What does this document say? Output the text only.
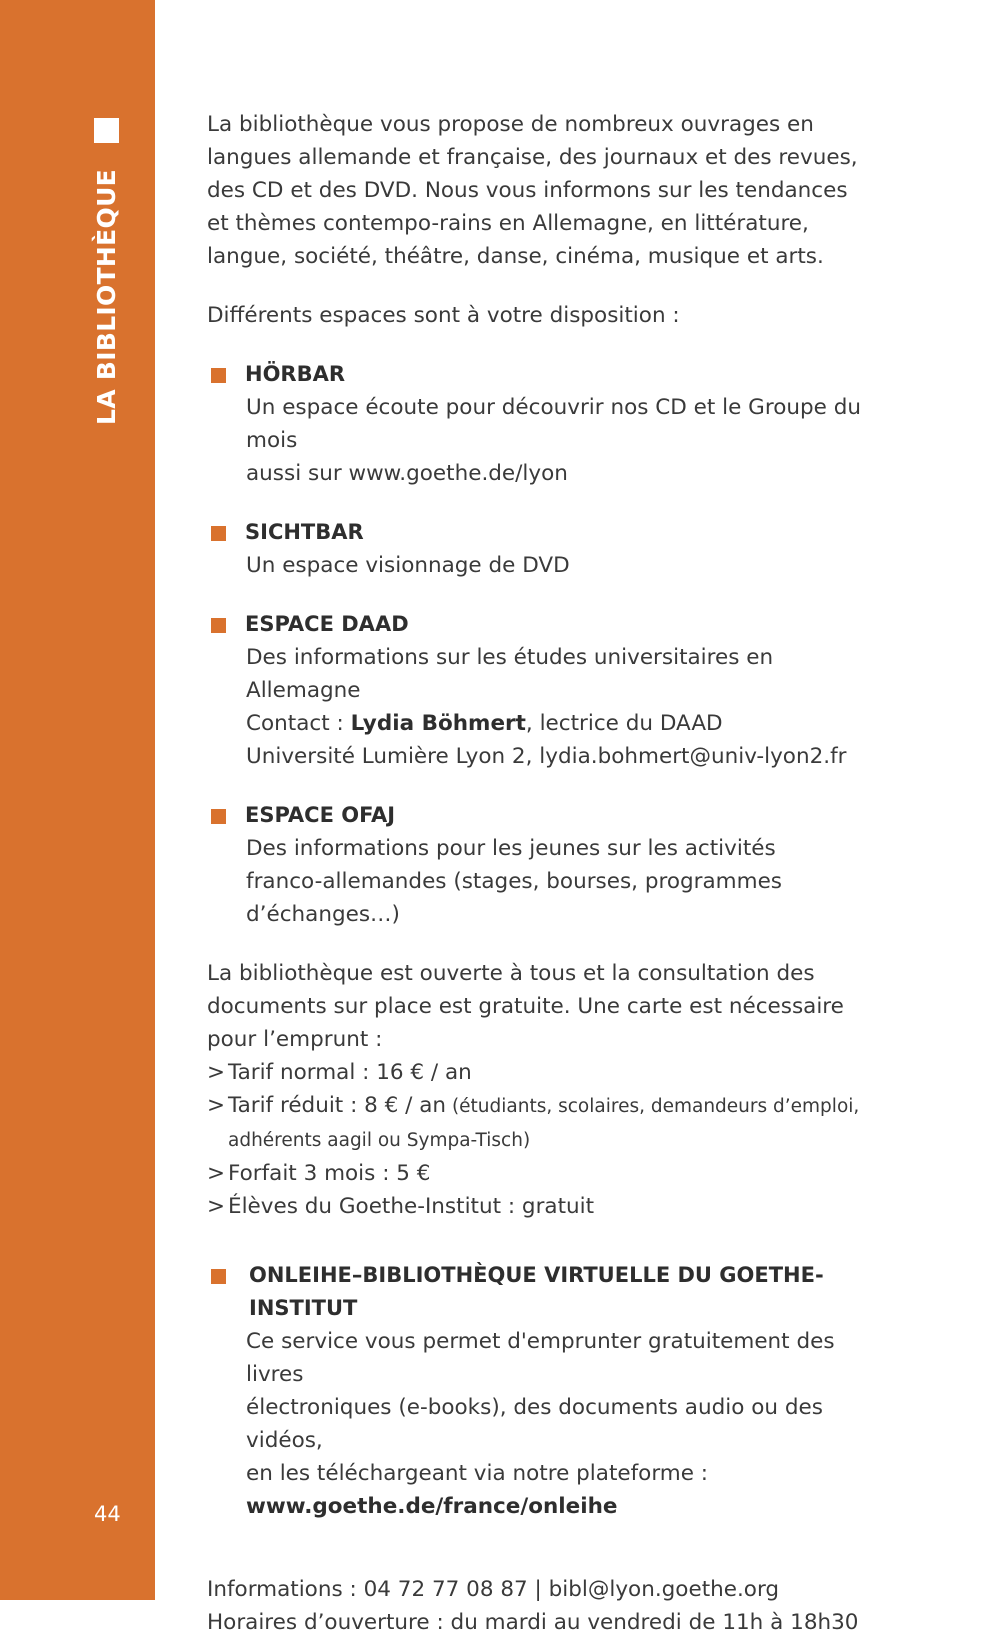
LA BIBLIOTHÈQUE
44

La bibliothèque vous propose de nombreux ouvrages en langues allemande et française, des journaux et des revues, des CD et des DVD. Nous vous informons sur les tendances et thèmes contempo-rains en Allemagne, en littérature, langue, société, théâtre, danse, cinéma, musique et arts.

Différents espaces sont à votre disposition :

HÖRBAR
Un espace écoute pour découvrir nos CD et le Groupe du mois
aussi sur www.goethe.de/lyon
SICHTBAR
Un espace visionnage de DVD
ESPACE DAAD
Des informations sur les études universitaires en Allemagne
Contact : Lydia Böhmert, lectrice du DAAD
Université Lumière Lyon 2, lydia.bohmert@univ-lyon2.fr
ESPACE OFAJ
Des informations pour les jeunes sur les activités
franco-allemandes (stages, bourses, programmes d’échanges…)

La bibliothèque est ouverte à tous et la consultation des documents sur place est gratuite. Une carte est nécessaire pour l’emprunt :

> Tarif normal : 16 € / an
> Tarif réduit : 8 € / an (étudiants, scolaires, demandeurs d’emploi, adhérents aagil ou Sympa-Tisch)
> Forfait 3 mois : 5 €
> Élèves du Goethe-Institut : gratuit
ONLEIHE–BIBLIOTHÈQUE VIRTUELLE DU GOETHE-INSTITUT
Ce service vous permet d'emprunter gratuitement des livres
électroniques (e-books), des documents audio ou des vidéos,
en les téléchargeant via notre plateforme :
www.goethe.de/france/onleihe
Informations : 04 72 77 08 87 | bibl@lyon.goethe.org
Horaires d’ouverture : du mardi au vendredi de 11h à 18h30
